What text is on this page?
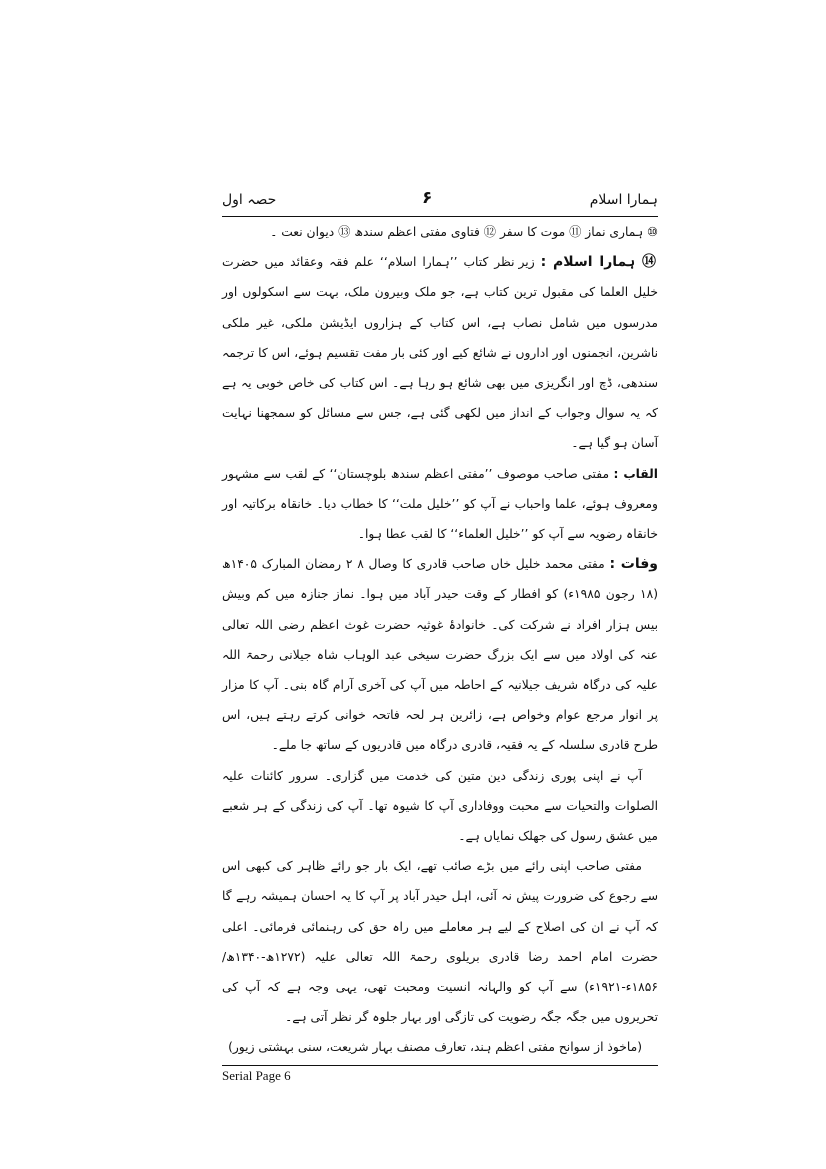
ہمارا اسلام
۶
حصہ اول

⑩ ہماری نماز ⑪ موت کا سفر ⑫ فتاوی مفتی اعظم سندھ ⑬ دیوان نعت ۔

⑭ ہمارا اسلام : زیر نظر کتاب ’’ہمارا اسلام‘‘ علم فقہ وعقائد میں حضرت خلیل العلما کی مقبول ترین کتاب ہے، جو ملک وبیرون ملک، بہت سے اسکولوں اور مدرسوں میں شامل نصاب ہے، اس کتاب کے ہزاروں ایڈیشن ملکی، غیر ملکی ناشرین، انجمنوں اور اداروں نے شائع کیے اور کئی بار مفت تقسیم ہوئے، اس کا ترجمہ سندھی، ڈچ اور انگریزی میں بھی شائع ہو رہا ہے۔ اس کتاب کی خاص خوبی یہ ہے کہ یہ سوال وجواب کے انداز میں لکھی گئی ہے، جس سے مسائل کو سمجھنا نہایت آسان ہو گیا ہے۔

القاب : مفتی صاحب موصوف ’’مفتی اعظم سندھ بلوچستان‘‘ کے لقب سے مشہور ومعروف ہوئے، علما واحباب نے آپ کو ’’خلیل ملت‘‘ کا خطاب دیا۔ خانقاہ برکاتیہ اور خانقاہ رضویہ سے آپ کو ’’خلیل العلماء‘‘ کا لقب عطا ہوا۔

وفات : مفتی محمد خلیل خاں صاحب قادری کا وصال ۸ ۲ رمضان المبارک ۱۴۰۵ھ (۱۸ رجون ۱۹۸۵ء) کو افطار کے وقت حیدر آباد میں ہوا۔ نماز جنازہ میں کم وبیش بیس ہزار افراد نے شرکت کی۔ خانوادۂ غوثیہ حضرت غوث اعظم رضی اللہ تعالی عنہ کی اولاد میں سے ایک بزرگ حضرت سیخی عبد الوہاب شاہ جیلانی رحمۃ اللہ علیہ کی درگاہ شریف جیلانیہ کے احاطہ میں آپ کی آخری آرام گاہ بنی۔ آپ کا مزار پر انوار مرجع عوام وخواص ہے، زائرین ہر لحہ فاتحہ خوانی کرتے رہتے ہیں، اس طرح قادری سلسلہ کے یہ فقیہ، قادری درگاہ میں قادریوں کے ساتھ جا ملے۔

آپ نے اپنی پوری زندگی دین متین کی خدمت میں گزاری۔ سرور کائنات علیہ الصلوات والتحیات سے محبت ووفاداری آپ کا شیوہ تھا۔ آپ کی زندگی کے ہر شعبے میں عشق رسول کی جھلک نمایاں ہے۔

مفتی صاحب اپنی رائے میں بڑے صائب تھے، ایک بار جو رائے ظاہر کی کبھی اس سے رجوع کی ضرورت پیش نہ آئی، اہل حیدر آباد پر آپ کا یہ احسان ہمیشہ رہے گا کہ آپ نے ان کی اصلاح کے لیے ہر معاملے میں راہ حق کی رہنمائی فرمائی۔ اعلی حضرت امام احمد رضا قادری بریلوی رحمۃ اللہ تعالی علیہ (۱۲۷۲ھ-۱۳۴۰ھ/۱۸۵۶ء-۱۹۲۱ء) سے آپ کو والہانہ انسیت ومحبت تھی، یہی وجہ ہے کہ آپ کی تحریروں میں جگہ جگہ رضویت کی تازگی اور بہار جلوہ گر نظر آتی ہے۔

(ماخوذ از سوانح مفتی اعظم ہند، تعارف مصنف بہار شریعت، سنی بہشتی زیور)

Serial Page 6
